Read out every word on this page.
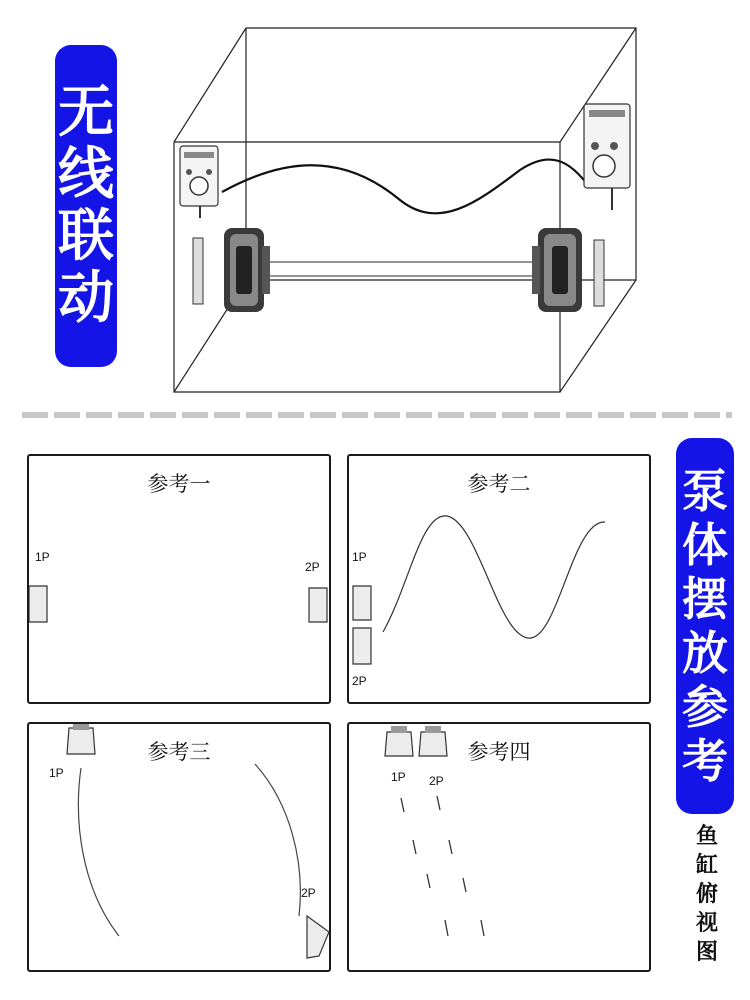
无
线
联
动
参考一
1P
2P
参考二
1P
2P
参考三
1P
2P
参考四
1P 2P
泵
体
摆
放
参
考
鱼
缸
俯
视
图
